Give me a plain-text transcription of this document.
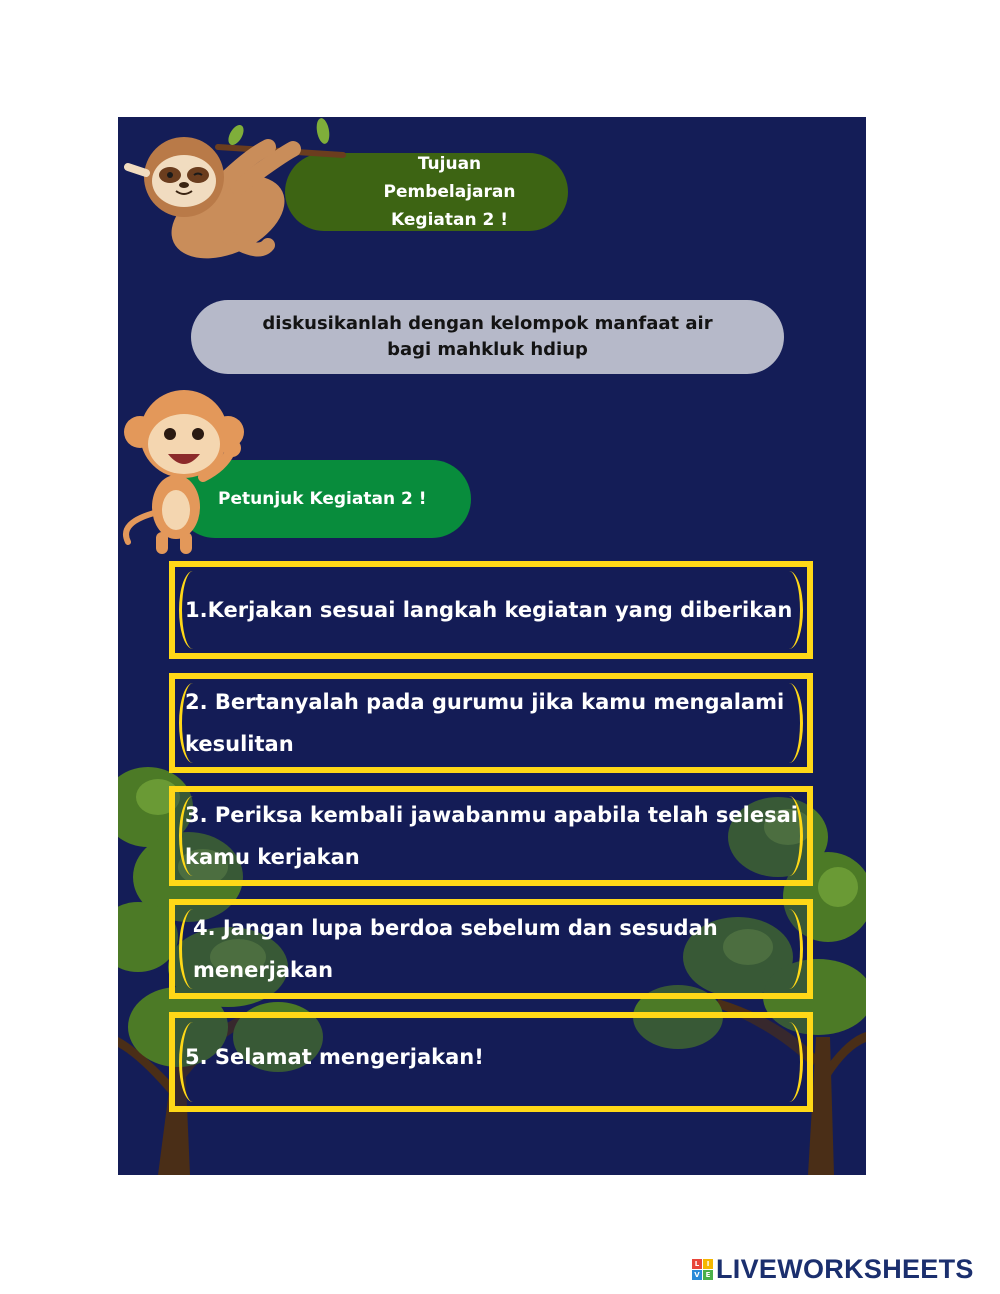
Tujuan Pembelajaran
Kegiatan 2 !
diskusikanlah dengan kelompok manfaat air
bagi mahkluk hdiup
Petunjuk Kegiatan 2 !
1.Kerjakan sesuai langkah kegiatan yang diberikan
2. Bertanyalah pada gurumu jika kamu mengalami
kesulitan
3. Periksa kembali jawabanmu apabila telah selesai
kamu kerjakan
4. Jangan lupa berdoa sebelum dan sesudah
menerjakan
5. Selamat mengerjakan!
L	I
V E LIVEWORKSHEETS
